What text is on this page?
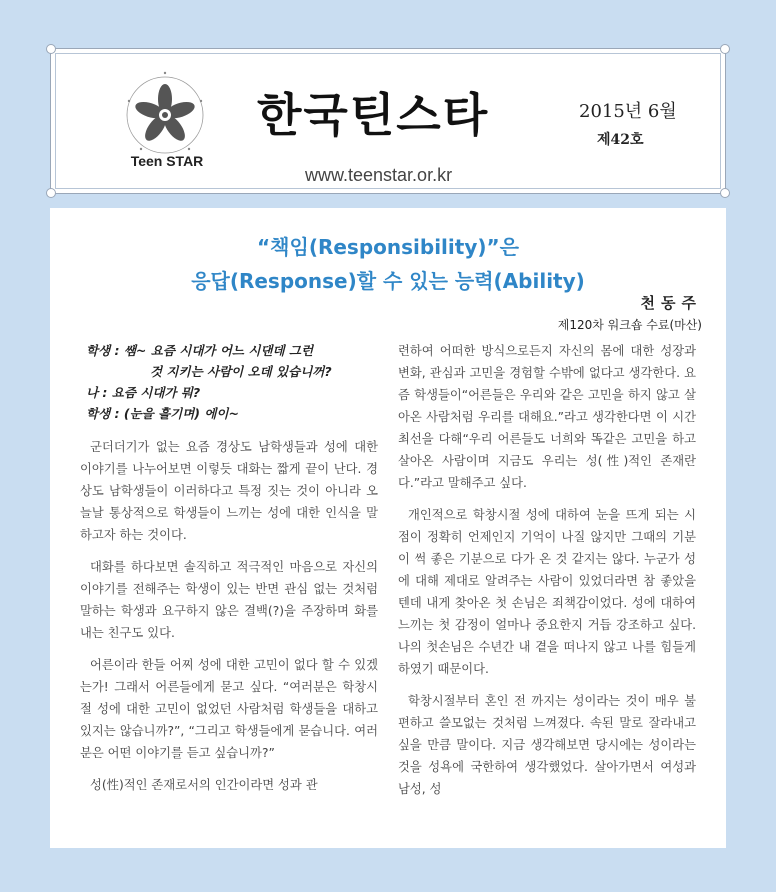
Teen STAR
한국틴스타	2015년 6월
제42호
www.teenstar.or.kr
“책임(Responsibility)”은
응답(Response)할 수 있는 능력(Ability)
천동주
제120차 워크숍 수료(마산)
학생 : 쌤~ 요즘 시대가 어느 시댄데 그런
것 지키는 사람이 오데 있습니꺼?
나 : 요즘 시대가 뭐?
학생 : (눈을 흘기며) 에이~

군더더기가 없는 요즘 경상도 남학생들과 성에 대한 이야기를 나누어보면 이렇듯 대화는 짧게 끝이 난다. 경상도 남학생들이 이러하다고 특정 짓는 것이 아니라 오늘날 통상적으로 학생들이 느끼는 성에 대한 인식을 말하고자 하는 것이다.

대화를 하다보면 솔직하고 적극적인 마음으로 자신의 이야기를 전해주는 학생이 있는 반면 관심 없는 것처럼 말하는 학생과 요구하지 않은 결백(?)을 주장하며 화를 내는 친구도 있다.

어른이라 한들 어찌 성에 대한 고민이 없다 할 수 있겠는가! 그래서 어른들에게 묻고 싶다. “여러분은 학창시절 성에 대한 고민이 없었던 사람처럼 학생들을 대하고 있지는 않습니까?”, “그리고 학생들에게 묻습니다. 여러분은 어떤 이야기를 듣고 싶습니까?”

성(性)적인 존재로서의 인간이라면 성과 관

련하여 어떠한 방식으로든지 자신의 몸에 대한 성장과 변화, 관심과 고민을 경험할 수밖에 없다고 생각한다. 요즘 학생들이“어른들은 우리와 같은 고민을 하지 않고 살아온 사람처럼 우리를 대해요.”라고 생각한다면 이 시간 최선을 다해“우리 어른들도 너희와 똑같은 고민을 하고 살아온 사람이며 지금도 우리는 성(性)적인 존재란다.”라고 말해주고 싶다.

개인적으로 학창시절 성에 대하여 눈을 뜨게 되는 시점이 정확히 언제인지 기억이 나질 않지만 그때의 기분이 썩 좋은 기분으로 다가 온 것 같지는 않다. 누군가 성에 대해 제대로 알려주는 사람이 있었더라면 참 좋았을 텐데 내게 찾아온 첫 손님은 죄책감이었다. 성에 대하여 느끼는 첫 감정이 얼마나 중요한지 거듭 강조하고 싶다. 나의 첫손님은 수년간 내 곁을 떠나지 않고 나를 힘들게 하였기 때문이다.

학창시절부터 혼인 전 까지는 성이라는 것이 매우 불편하고 쓸모없는 것처럼 느껴졌다. 속된 말로 잘라내고 싶을 만큼 말이다. 지금 생각해보면 당시에는 성이라는 것을 성욕에 국한하여 생각했었다. 살아가면서 여성과 남성, 성
